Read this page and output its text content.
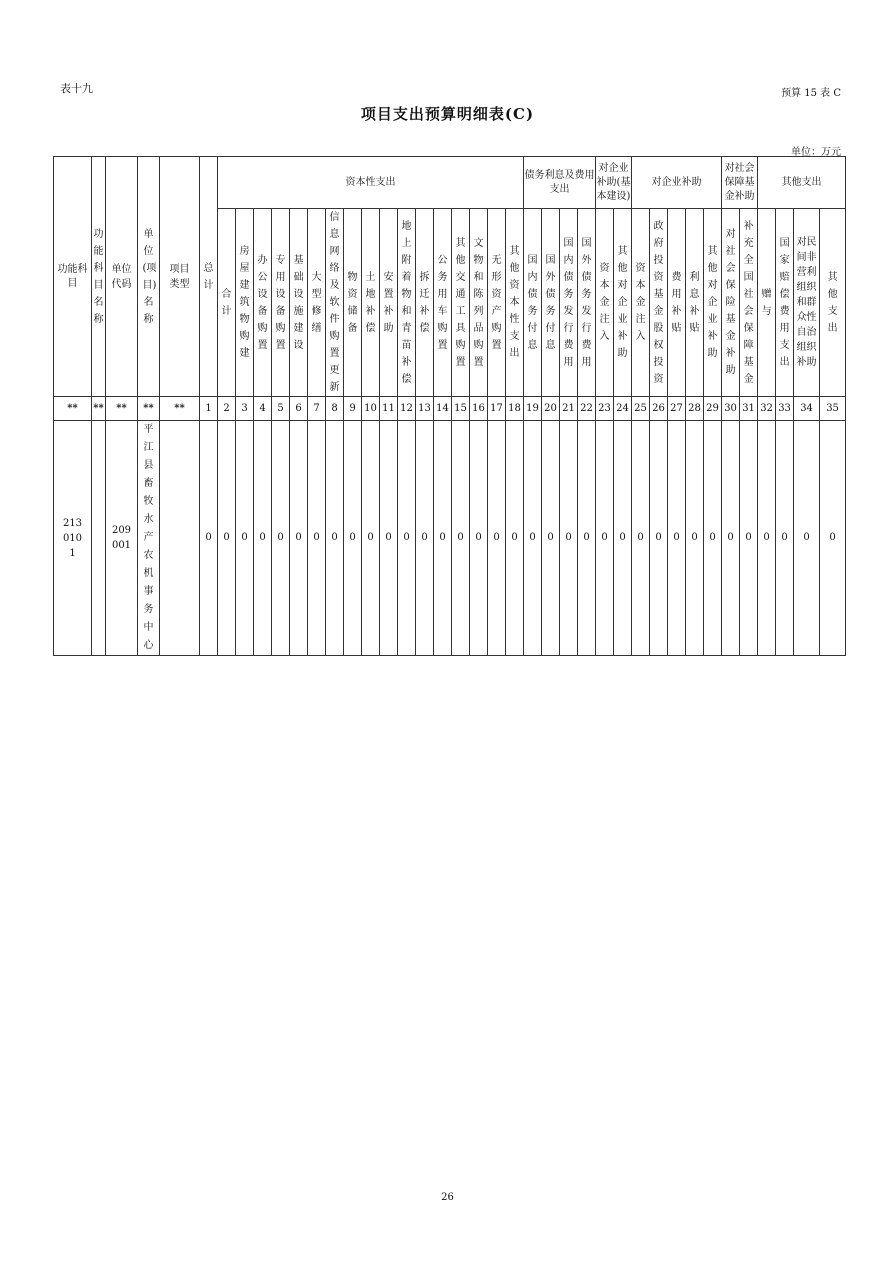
表十九	预算 15 表 C
项目支出预算明细表(C)
单位：万元
功能科目	功能科目名称	单位代码	单位(项目)名称	项目类型	总计	资本性支出																	债务利息及费用支出				对企业补助(基本建设)		对企业补助					对社会保障基金补助		其他支出			
						合计	房屋建筑物购建	办公设备购置	专用设备购置	基础设施建设	大型修缮	信息网络及软件购置更新	物资储备	土地补偿	安置补助	地上附着物和青苗补偿	拆迁补偿	公务用车购置	其他交通工具购置	文物和陈列品购置	无形资产购置	其他资本性支出	国内债务付息	国外债务付息	国内债务发行费用	国外债务发行费用	资本金注入	其他对企业补助	资本金注入	政府投资基金股权投资	费用补贴	利息补贴	其他对企业补助	对社会保险基金补助	补充全国社会保障基金	赠与	国家赔偿费用支出	对民间非营利组织和群众性自治组织补助	其他支出
**	**	**	**	**	1	2	3	4	5	6	7	8	9	10	11	12	13	14	15	16	17	18	19	20	21	22	23	24	25	26	27	28	29	30	31	32	33	34	35
2130101		209001	平江县畜牧水产农机事务中心		0	0	0	0	0	0	0	0	0	0	0	0	0	0	0	0	0	0	0	0	0	0	0	0	0	0	0	0	0	0	0	0	0	0	0
26
